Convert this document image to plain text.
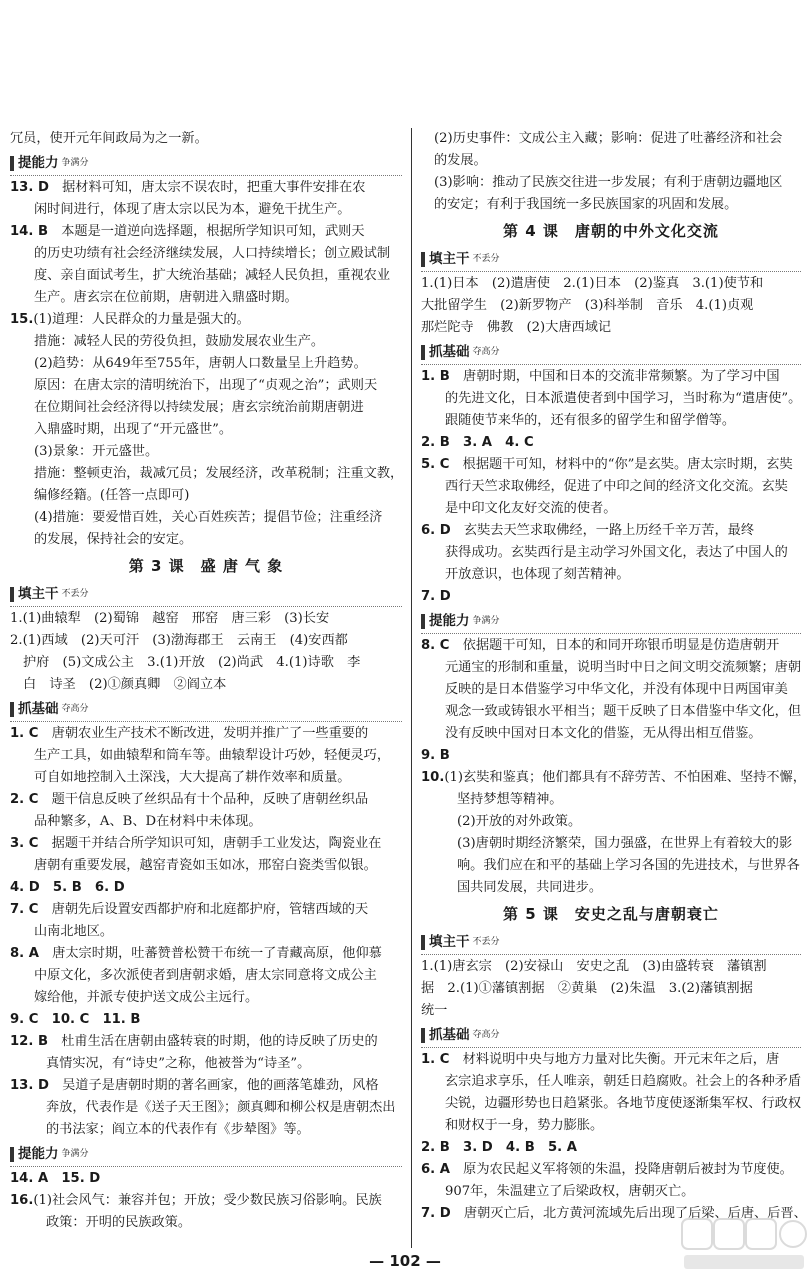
冗员，使开元年间政局为之一新。
提能力 争满分
13. D　 据材料可知，唐太宗不误农时，把重大事件安排在农
闲时间进行，体现了唐太宗以民为本，避免干扰生产。
14. B　 本题是一道逆向选择题，根据所学知识可知，武则天
的历史功绩有社会经济继续发展，人口持续增长；创立殿试制
度、亲自面试考生，扩大统治基础；减轻人民负担，重视农业
生产。唐玄宗在位前期，唐朝进入鼎盛时期。
15.(1)道理：人民群众的力量是强大的。
措施：减轻人民的劳役负担，鼓励发展农业生产。
(2)趋势：从649年至755年，唐朝人口数量呈上升趋势。
原因：在唐太宗的清明统治下，出现了“贞观之治”；武则天
在位期间社会经济得以持续发展；唐玄宗统治前期唐朝进
入鼎盛时期，出现了“开元盛世”。
(3)景象：开元盛世。
措施：整顿吏治，裁减冗员；发展经济，改革税制；注重文教，
编修经籍。(任答一点即可)
(4)措施：要爱惜百姓，关心百姓疾苦；提倡节俭；注重经济
的发展，保持社会的安定。
第 3 课　盛 唐 气 象
填主干 不丢分
1.(1)曲辕犁　(2)蜀锦　越窑　邢窑　唐三彩　(3)长安
2.(1)西域　(2)天可汗　(3)渤海郡王　云南王　(4)安西都
护府　(5)文成公主　3.(1)开放　(2)尚武　4.(1)诗歌　李
白　诗圣　(2)①颜真卿　②阎立本
抓基础 夺高分
1. C　 唐朝农业生产技术不断改进，发明并推广了一些重要的
生产工具，如曲辕犁和筒车等。曲辕犁设计巧妙，轻便灵巧，
可自如地控制入土深浅，大大提高了耕作效率和质量。
2. C　 题干信息反映了丝织品有十个品种，反映了唐朝丝织品
品种繁多，A、B、D在材料中未体现。
3. C　 据题干并结合所学知识可知，唐朝手工业发达，陶瓷业在
唐朝有重要发展，越窑青瓷如玉如冰，邢窑白瓷类雪似银。
4. D　5. B　6. D
7. C　 唐朝先后设置安西都护府和北庭都护府，管辖西域的天
山南北地区。
8. A　 唐太宗时期，吐蕃赞普松赞干布统一了青藏高原，他仰慕
中原文化，多次派使者到唐朝求婚，唐太宗同意将文成公主
嫁给他，并派专使护送文成公主远行。
9. C　10. C　11. B
12. B　 杜甫生活在唐朝由盛转衰的时期，他的诗反映了历史的
真情实况，有“诗史”之称，他被誉为“诗圣”。
13. D　 吴道子是唐朝时期的著名画家，他的画落笔雄劲，风格
奔放，代表作是《送子天王图》；颜真卿和柳公权是唐朝杰出
的书法家；阎立本的代表作有《步辇图》等。
提能力 争满分
14. A　15. D
16.(1)社会风气：兼容并包；开放；受少数民族习俗影响。民族
政策：开明的民族政策。
(2)历史事件：文成公主入藏；影响：促进了吐蕃经济和社会
的发展。
(3)影响：推动了民族交往进一步发展；有利于唐朝边疆地区
的安定；有利于我国统一多民族国家的巩固和发展。
第 4 课　唐朝的中外文化交流
填主干 不丢分
1.(1)日本　(2)遣唐使　2.(1)日本　(2)鉴真　3.(1)使节和
大批留学生　(2)新罗物产　(3)科举制　音乐　4.(1)贞观
那烂陀寺　佛教　(2)大唐西域记
抓基础 夺高分
1. B　 唐朝时期，中国和日本的交流非常频繁。为了学习中国
的先进文化，日本派遣使者到中国学习，当时称为“遣唐使”。
跟随使节来华的，还有很多的留学生和留学僧等。
2. B　3. A　4. C
5. C　 根据题干可知，材料中的“你”是玄奘。唐太宗时期，玄奘
西行天竺求取佛经，促进了中印之间的经济文化交流。玄奘
是中印文化友好交流的使者。
6. D　 玄奘去天竺求取佛经，一路上历经千辛万苦，最终
获得成功。玄奘西行是主动学习外国文化，表达了中国人的
开放意识，也体现了刻苦精神。
7. D
提能力 争满分
8. C　 依据题干可知，日本的和同开珎银币明显是仿造唐朝开
元通宝的形制和重量，说明当时中日之间文明交流频繁；唐朝
反映的是日本借鉴学习中华文化，并没有体现中日两国审美
观念一致或铸银水平相当；题干反映了日本借鉴中华文化，但
没有反映中国对日本文化的借鉴，无从得出相互借鉴。
9. B
10.(1)玄奘和鉴真；他们都具有不辞劳苦、不怕困难、坚持不懈，
坚持梦想等精神。
(2)开放的对外政策。
(3)唐朝时期经济繁荣，国力强盛，在世界上有着较大的影
响。我们应在和平的基础上学习各国的先进技术，与世界各
国共同发展，共同进步。
第 5 课　安史之乱与唐朝衰亡
填主干 不丢分
1.(1)唐玄宗　(2)安禄山　安史之乱　(3)由盛转衰　藩镇割
据　2.(1)①藩镇割据　②黄巢　(2)朱温　3.(2)藩镇割据
统一
抓基础 夺高分
1. C　 材料说明中央与地方力量对比失衡。开元末年之后，唐
玄宗追求享乐，任人唯亲，朝廷日趋腐败。社会上的各种矛盾
尖锐，边疆形势也日趋紧张。各地节度使逐渐集军权、行政权
和财权于一身，势力膨胀。
2. B　3. D　4. B　5. A
6. A　 原为农民起义军将领的朱温，投降唐朝后被封为节度使。
907年，朱温建立了后梁政权，唐朝灭亡。
7. D　 唐朝灭亡后，北方黄河流域先后出现了后梁、后唐、后晋、
— 102 —
